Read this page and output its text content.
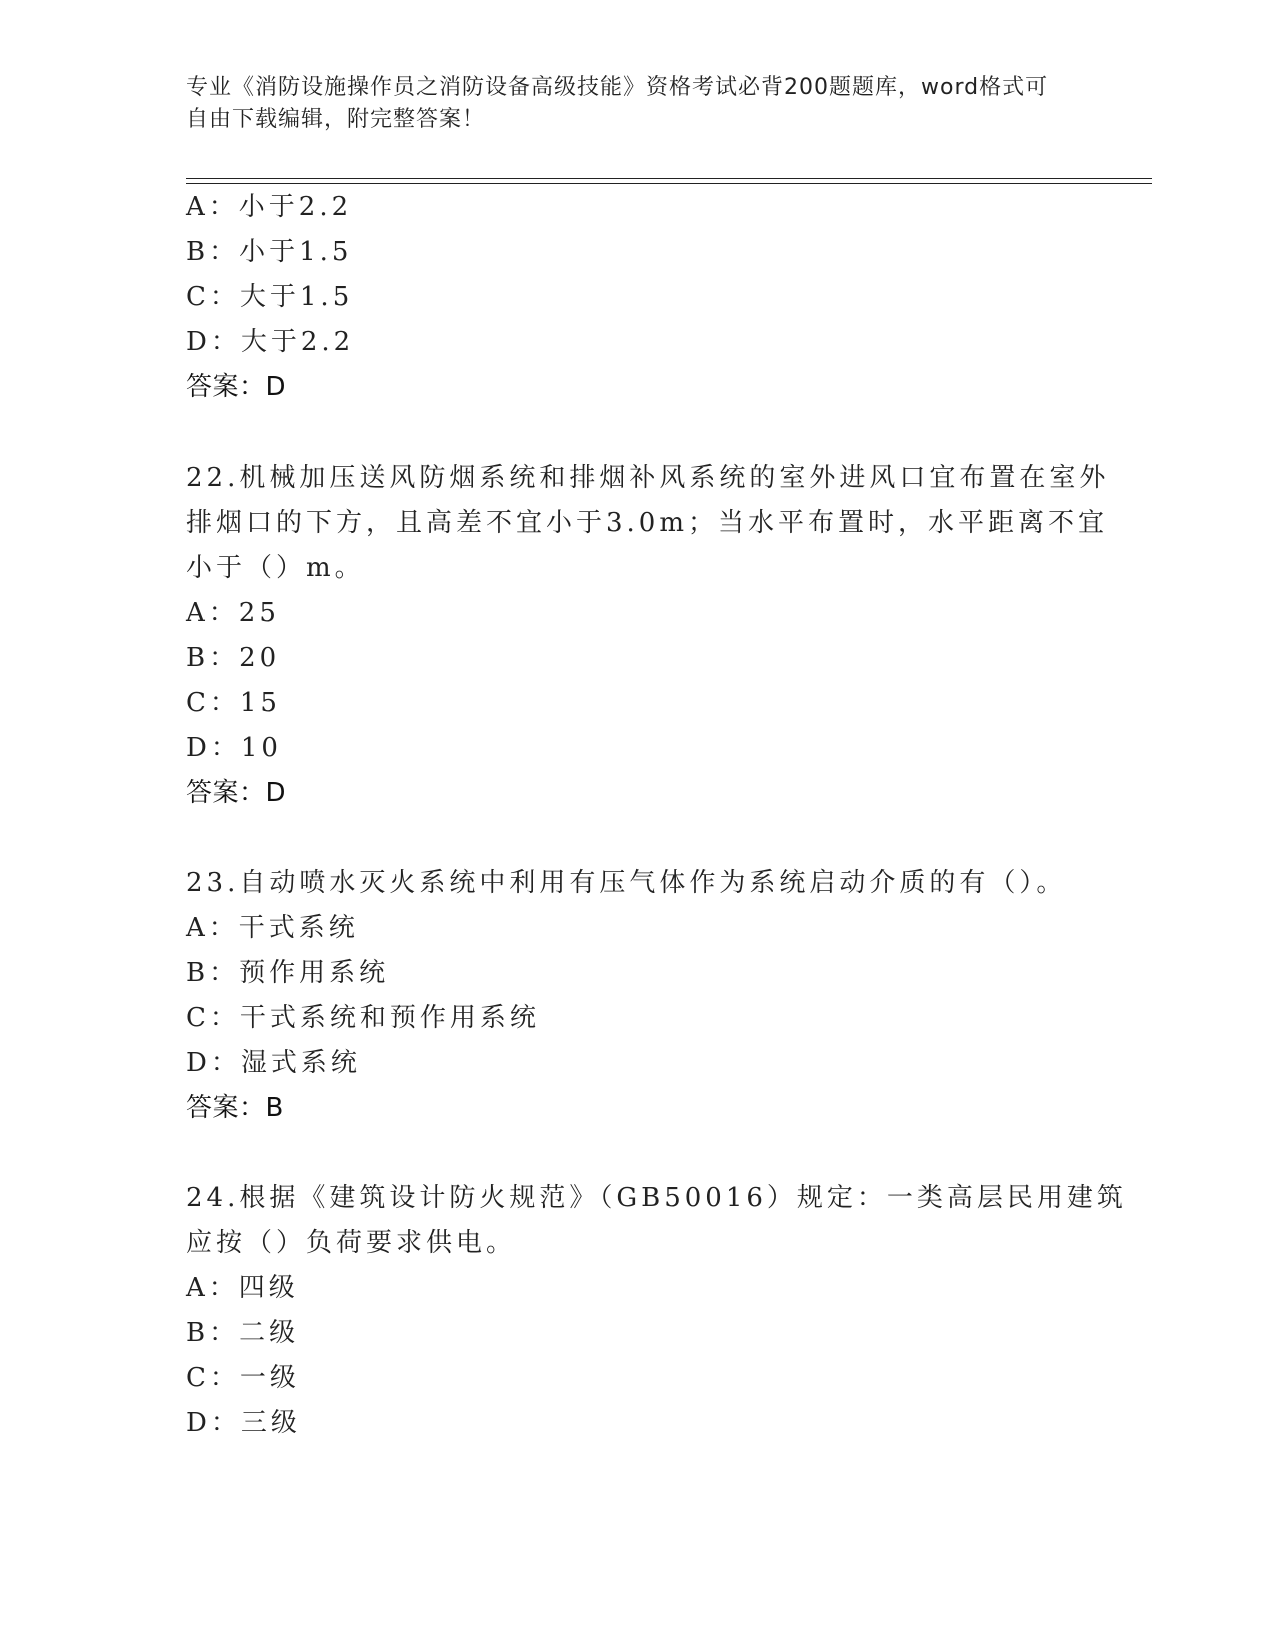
专业《消防设施操作员之消防设备高级技能》资格考试必背200题题库，word格式可自由下载编辑，附完整答案！
A：小于2.2
B：小于1.5
C：大于1.5
D：大于2.2
答案：D
22.机械加压送风防烟系统和排烟补风系统的室外进风口宜布置在室外
排烟口的下方，且高差不宜小于3.0m；当水平布置时，水平距离不宜
小于（）m。
A：25
B：20
C：15
D：10
答案：D
23.自动喷水灭火系统中利用有压气体作为系统启动介质的有（）。
A：干式系统
B：预作用系统
C：干式系统和预作用系统
D：湿式系统
答案：B
24.根据《建筑设计防火规范》（GB50016）规定：一类高层民用建筑
应按（）负荷要求供电。
A：四级
B：二级
C：一级
D：三级
